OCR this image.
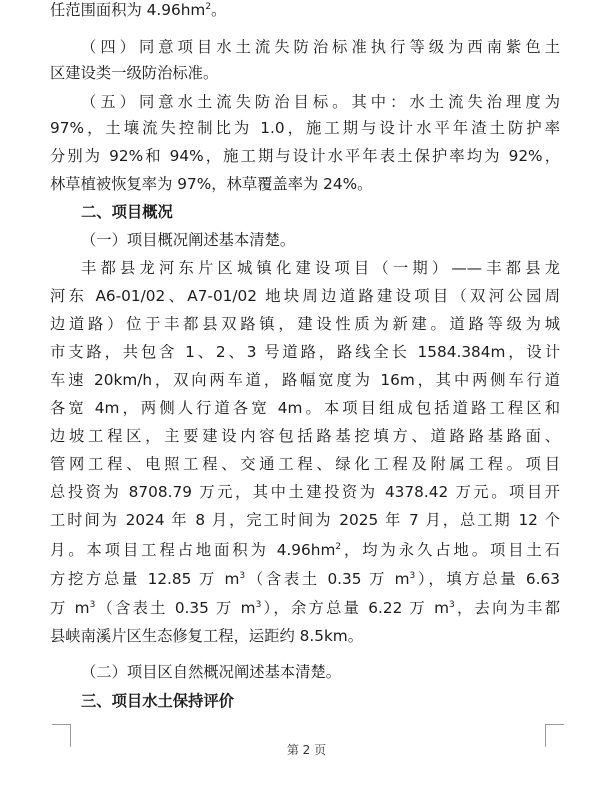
任范围面积为 $4.96hm^2$。
（四）同意项目水土流失防治标准执行等级为西南紫色土
区建设类一级防治标准。
（五）同意水土流失防治目标。其中：水土流失治理度为
97%，土壤流失控制比为 1.0，施工期与设计水平年渣土防护率
分别为 92%和 94%，施工期与设计水平年表土保护率均为 92%，
林草植被恢复率为 97%，林草覆盖率为 24%。
二、项目概况
（一）项目概况阐述基本清楚。
丰都县龙河东片区城镇化建设项目（一期）——丰都县龙
河东 A6-01/02、A7-01/02 地块周边道路建设项目（双河公园周
边道路）位于丰都县双路镇，建设性质为新建。道路等级为城
市支路，共包含 1、2、3 号道路，路线全长 1584.384m，设计
车速 20km/h，双向两车道，路幅宽度为 16m，其中两侧车行道
各宽 4m，两侧人行道各宽 4m。本项目组成包括道路工程区和
边坡工程区，主要建设内容包括路基挖填方、道路路基路面、
管网工程、电照工程、交通工程、绿化工程及附属工程。项目
总投资为 8708.79 万元，其中土建投资为 4378.42 万元。项目开
工时间为 2024 年 8 月，完工时间为 2025 年 7 月，总工期 12 个
月。本项目工程占地面积为 $4.96hm^2$，均为永久占地。项目土石
方挖方总量 12.85 万 $m^3$（含表土 0.35 万 $m^3$），填方总量 6.63
万 $m^3$（含表土 0.35 万 $m^3$），余方总量 6.22 万 $m^3$，去向为丰都
县峡南溪片区生态修复工程，运距约 8.5km。
（二）项目区自然概况阐述基本清楚。
三、项目水土保持评价
第 2 页
